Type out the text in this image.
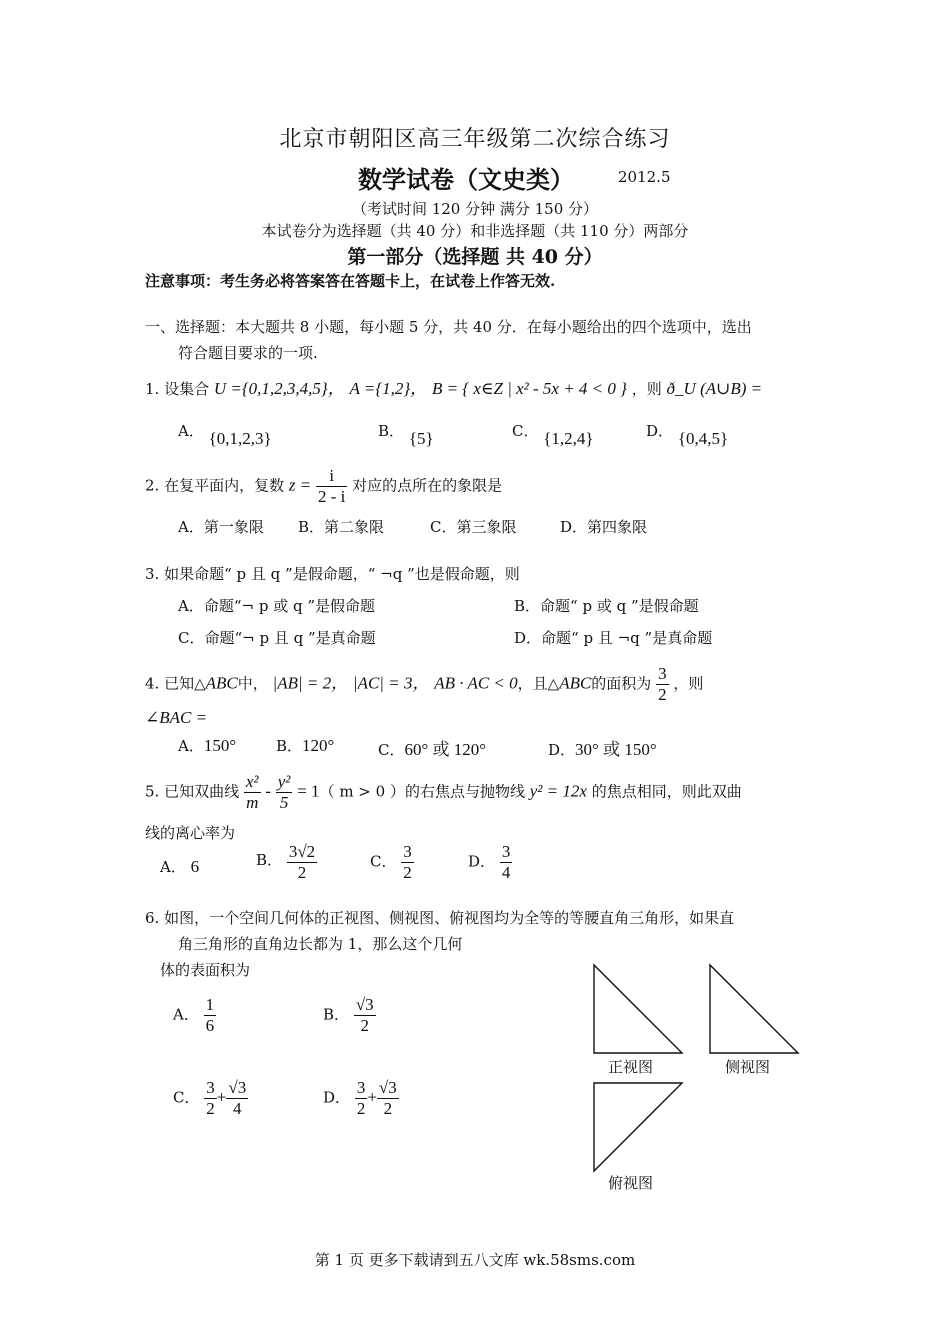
北京市朝阳区高三年级第二次综合练习
数学试卷（文史类）	2012.5
（考试时间 120 分钟 满分 150 分）
本试卷分为选择题（共 40 分）和非选择题（共 110 分）两部分
第一部分（选择题 共 40 分）
注意事项：考生务必将答案答在答题卡上，在试卷上作答无效.
一、选择题：本大题共 8 小题，每小题 5 分，共 40 分．在每小题给出的四个选项中，选出
符合题目要求的一项.
1. 设集合 U ={0,1,2,3,4,5}， A ={1,2}， B = { x∈Z | x² - 5x + 4 < 0 } ，则 ð_U (A∪B) =
A． {0,1,2,3}	B． {5}	C． {1,2,4}	D． {0,4,5}
2. 在复平面内，复数 $z = \frac{i}{2 - i}$ 对应的点所在的象限是
A．第一象限 B．第二象限	C．第三象限	D．第四象限
3. 如果命题“ p 且 q ”是假命题，“ ¬q ”也是假命题，则
A．命题“¬ p 或 q ”是假命题	B．命题“ p 或 q ”是假命题
C．命题“¬ p 且 q ”是真命题	D．命题“ p 且 ¬q ”是真命题
4. 已知△ABC中， |AB| = 2， |AC| = 3， AB · AC < 0，且△ABC的面积为 $\frac{3}{2}$ ，则
∠BAC =
A．150°	B．120°	C．60° 或 120°	D．30° 或 150°
5. 已知双曲线 $\frac{\text{x²}}{m} - \frac{\text{y²}}{5} = 1$（ m > 0 ）的右焦点与抛物线 y² = 12x 的焦点相同，则此双曲
线的离心率为
A． 6	B． $\frac{3√2}{2}$	C． $\frac{3}{2}$	D． $\frac{3}{4}$
6. 如图，一个空间几何体的正视图、侧视图、俯视图均为全等的等腰直角三角形，如果直
角三角形的直角边长都为 1，那么这个几何
体的表面积为
A． $\frac{1}{6}$	B． $\frac{√3}{2}$
C． $\frac{3}{2} + \frac{√3}{4}$	D． $\frac{3}{2} + \frac{√3}{2}$
正视图	侧视图
俯视图
第 1 页 更多下载请到五八文库 wk.58sms.com
